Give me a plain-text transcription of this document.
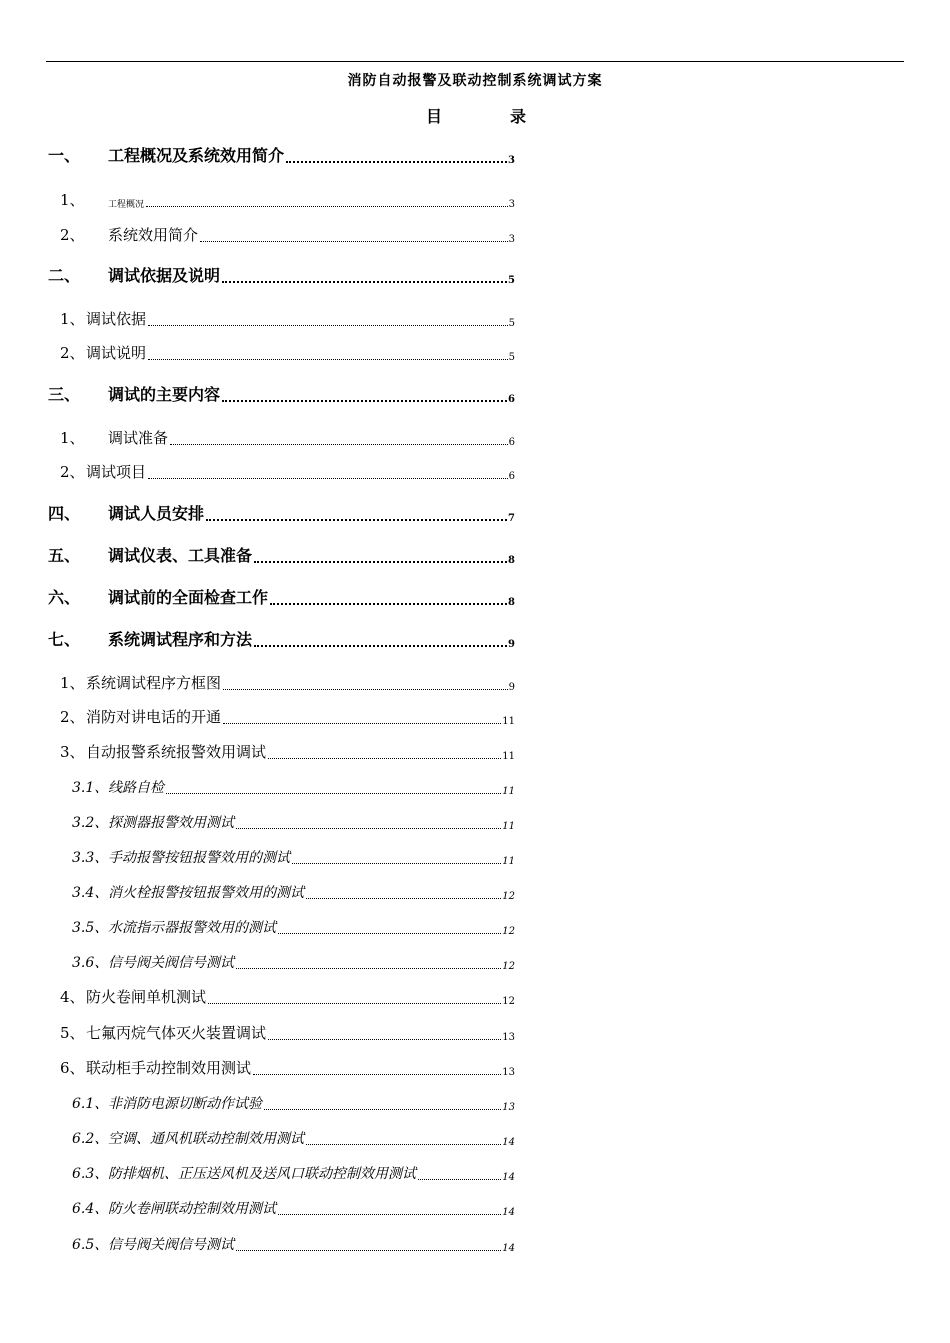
消防自动报警及联动控制系统调试方案
目	录
一、 工程概况及系统效用简介	3
1、	工程概况	3
2、 系统效用简介	3
二、 调试依据及说明	5
1、 调试依据	5
2、 调试说明	5
三、 调试的主要内容	6
1、 调试准备	6
2、 调试项目	6
四、 调试人员安排	7
五、 调试仪表、工具准备	8
六、 调试前的全面检查工作	8
七、 系统调试程序和方法	9
1、 系统调试程序方框图	9
2、 消防对讲电话的开通	11
3、 自动报警系统报警效用调试	11
3.1、 线路自检	11
3.2、 探测器报警效用测试	11
3.3、 手动报警按钮报警效用的测试	11
3.4、 消火栓报警按钮报警效用的测试	12
3.5、 水流指示器报警效用的测试	12
3.6、 信号阀关阀信号测试	12
4、 防火卷闸单机测试	12
5、 七氟丙烷气体灭火装置调试	13
6、 联动柜手动控制效用测试	13
6.1、 非消防电源切断动作试验	13
6.2、 空调、通风机联动控制效用测试	14
6.3、 防排烟机、正压送风机及送风口联动控制效用测试	14
6.4、 防火卷闸联动控制效用测试	14
6.5、 信号阀关阀信号测试	14
